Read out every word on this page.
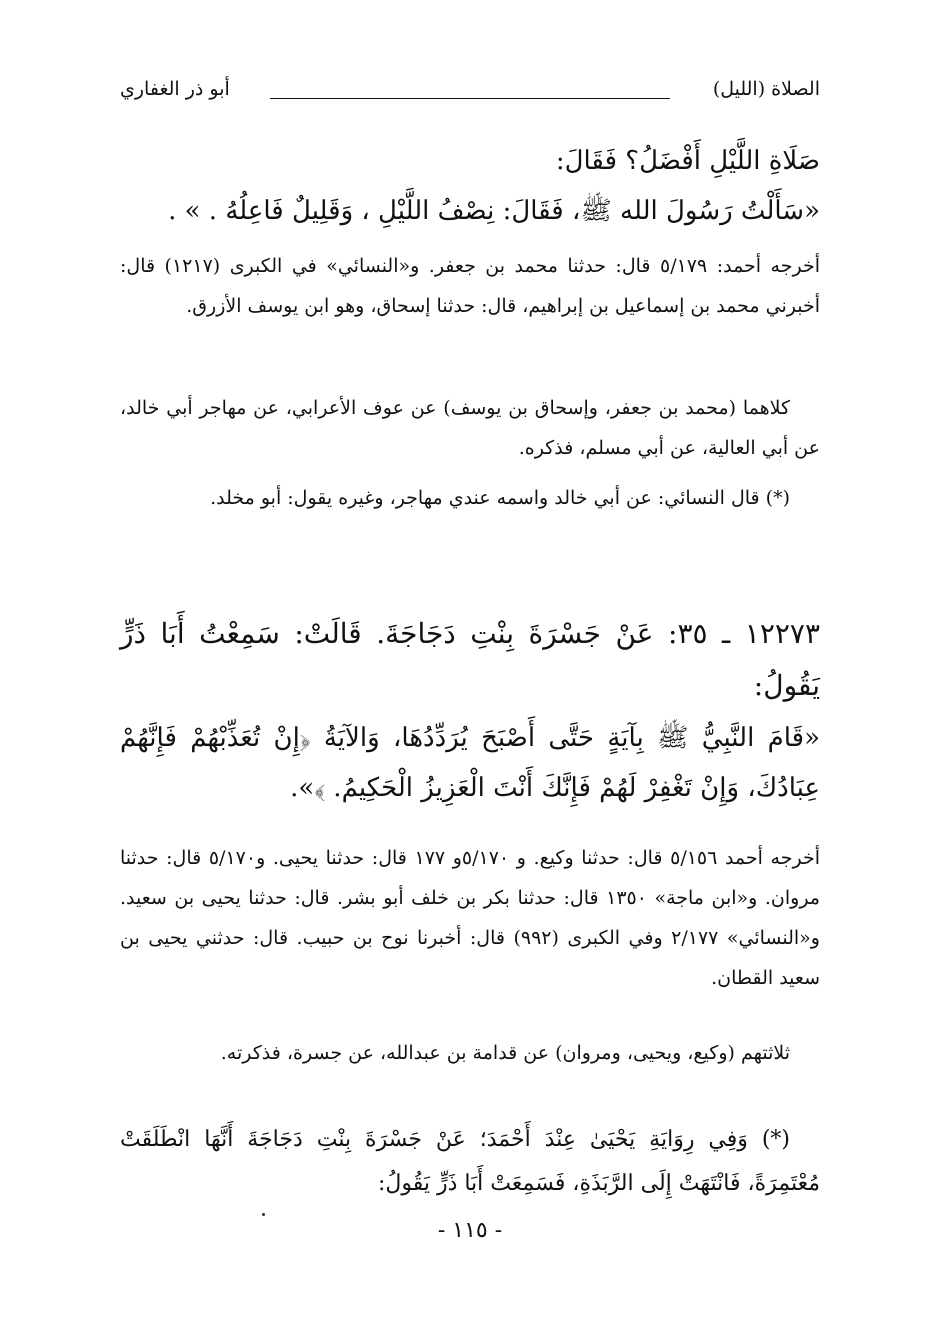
الصلاة (الليل)
أبو ذر الغفاري

صَلَاةِ اللَّيْلِ أَفْضَلُ؟ فَقَالَ:

«سَأَلْتُ رَسُولَ الله ﷺ، فَقَالَ: نِصْفُ اللَّيْلِ ، وَقَلِيلٌ فَاعِلُهُ . » .

أخرجه أحمد: ٥/١٧٩ قال: حدثنا محمد بن جعفر. و«النسائي» في الكبرى (١٢١٧) قال: أخبرني محمد بن إسماعيل بن إبراهيم، قال: حدثنا إسحاق، وهو ابن يوسف الأزرق.

كلاهما (محمد بن جعفر، وإسحاق بن يوسف) عن عوف الأعرابي، عن مهاجر أبي خالد، عن أبي العالية، عن أبي مسلم، فذكره.

(*) قال النسائي: عن أبي خالد واسمه عندي مهاجر، وغيره يقول: أبو مخلد.

١٢٢٧٣ ـ ٣٥: عَنْ جَسْرَةَ بِنْتِ دَجَاجَةَ. قَالَتْ: سَمِعْتُ أَبَا ذَرٍّ يَقُولُ:

«قَامَ النَّبِيُّ ﷺ بِآيَةٍ حَتَّى أَصْبَحَ يُرَدِّدُهَا، وَالآيَةُ ﴿إِنْ تُعَذِّبْهُمْ فَإِنَّهُمْ عِبَادُكَ، وَإِنْ تَغْفِرْ لَهُمْ فَإِنَّكَ أَنْتَ الْعَزِيزُ الْحَكِيمُ. ﴾».

أخرجه أحمد ٥/١٥٦ قال: حدثنا وكيع. و ٥/١٧٠و ١٧٧ قال: حدثنا يحيى. و٥/١٧٠ قال: حدثنا مروان. و«ابن ماجة» ١٣٥٠ قال: حدثنا بكر بن خلف أبو بشر. قال: حدثنا يحيى بن سعيد. و«النسائي» ٢/١٧٧ وفي الكبرى (٩٩٢) قال: أخبرنا نوح بن حبيب. قال: حدثني يحيى بن سعيد القطان.

ثلاثتهم (وكيع، ويحيى، ومروان) عن قدامة بن عبدالله، عن جسرة، فذكرته.

(*) وَفِي رِوَايَةِ يَحْيَىٰ عِنْدَ أَحْمَدَ؛ عَنْ جَسْرَةَ بِنْتِ دَجَاجَةَ أَنَّهَا انْطَلَقَتْ مُعْتَمِرَةً، فَانْتَهَتْ إِلَى الرَّبَذَةِ، فَسَمِعَتْ أَبَا ذَرٍّ يَقُولُ:

- ١١٥ -
